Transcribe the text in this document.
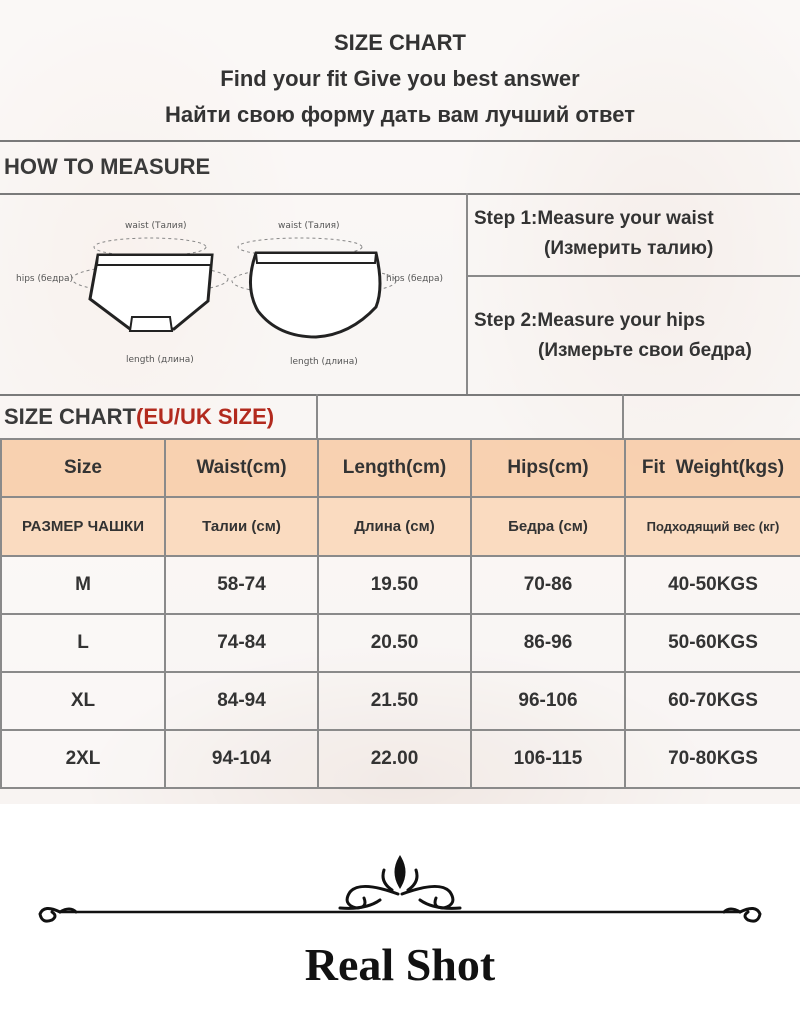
SIZE CHART
Find your fit Give you best answer
Найти свою форму дать вам лучший ответ
HOW TO MEASURE
waist (Талия)	waist (Талия)
hips (бедра)	hips (бедра)
length (длина)	length (длина)
Step 1:Measure your waist
(Измерить талию)
Step 2:Measure your hips
(Измерьте свои бедра)
SIZE CHART(EU/UK SIZE)
Size	Waist(cm)	Length(cm)	Hips(cm)	Fit  Weight(kgs)
РАЗМЕР ЧАШКИ	Талии (см)	Длина (см)	Бедра (см)	Подходящий вес (кг)
M	58-74	19.50	70-86	40-50KGS
L	74-84	20.50	86-96	50-60KGS
XL	84-94	21.50	96-106	60-70KGS
2XL	94-104	22.00	106-115	70-80KGS
Real Shot
